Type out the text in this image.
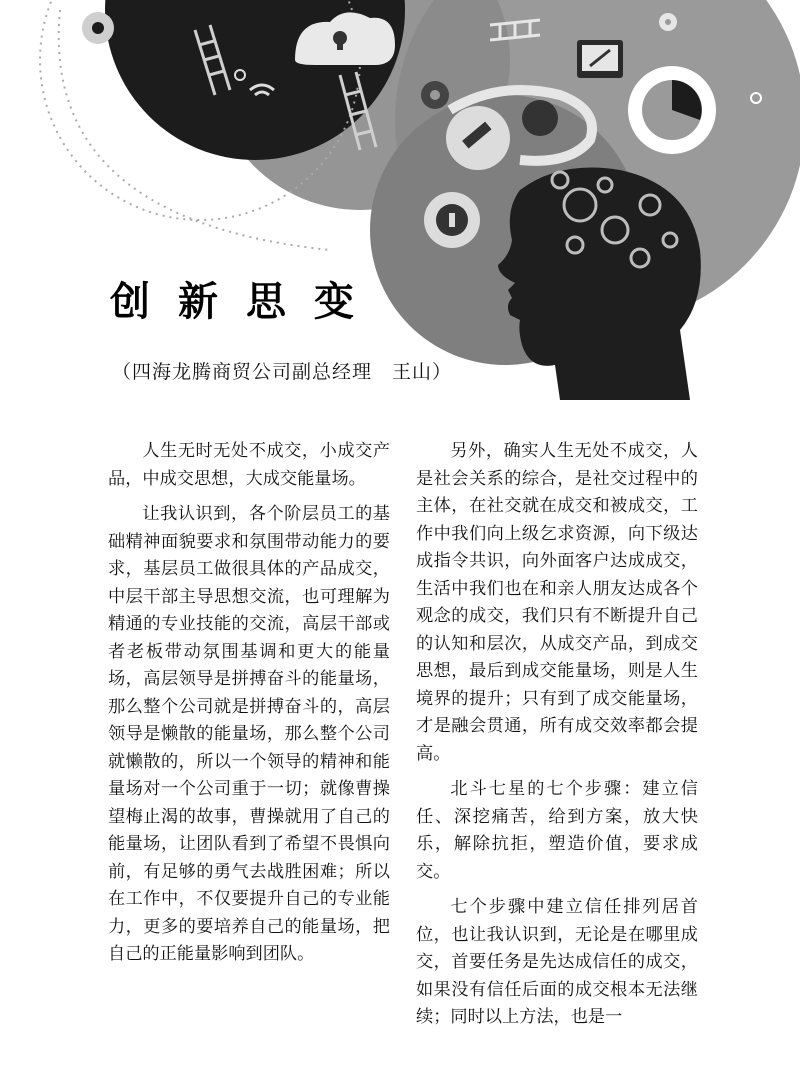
创新思变
（四海龙腾商贸公司副总经理　王山）

人生无时无处不成交，小成交产品，中成交思想，大成交能量场。

让我认识到，各个阶层员工的基础精神面貌要求和氛围带动能力的要求，基层员工做很具体的产品成交，中层干部主导思想交流，也可理解为精通的专业技能的交流，高层干部或者老板带动氛围基调和更大的能量场，高层领导是拼搏奋斗的能量场，那么整个公司就是拼搏奋斗的，高层领导是懒散的能量场，那么整个公司就懒散的，所以一个领导的精神和能量场对一个公司重于一切；就像曹操望梅止渴的故事，曹操就用了自己的能量场，让团队看到了希望不畏惧向前，有足够的勇气去战胜困难；所以在工作中，不仅要提升自己的专业能力，更多的要培养自己的能量场，把自己的正能量影响到团队。

另外，确实人生无处不成交，人是社会关系的综合，是社交过程中的主体，在社交就在成交和被成交，工作中我们向上级乞求资源，向下级达成指令共识，向外面客户达成成交，生活中我们也在和亲人朋友达成各个观念的成交，我们只有不断提升自己的认知和层次，从成交产品，到成交思想，最后到成交能量场，则是人生境界的提升；只有到了成交能量场，才是融会贯通，所有成交效率都会提高。

北斗七星的七个步骤：建立信任、深挖痛苦，给到方案，放大快乐，解除抗拒，塑造价值，要求成交。

七个步骤中建立信任排列居首位，也让我认识到，无论是在哪里成交，首要任务是先达成信任的成交，如果没有信任后面的成交根本无法继续；同时以上方法，也是一
